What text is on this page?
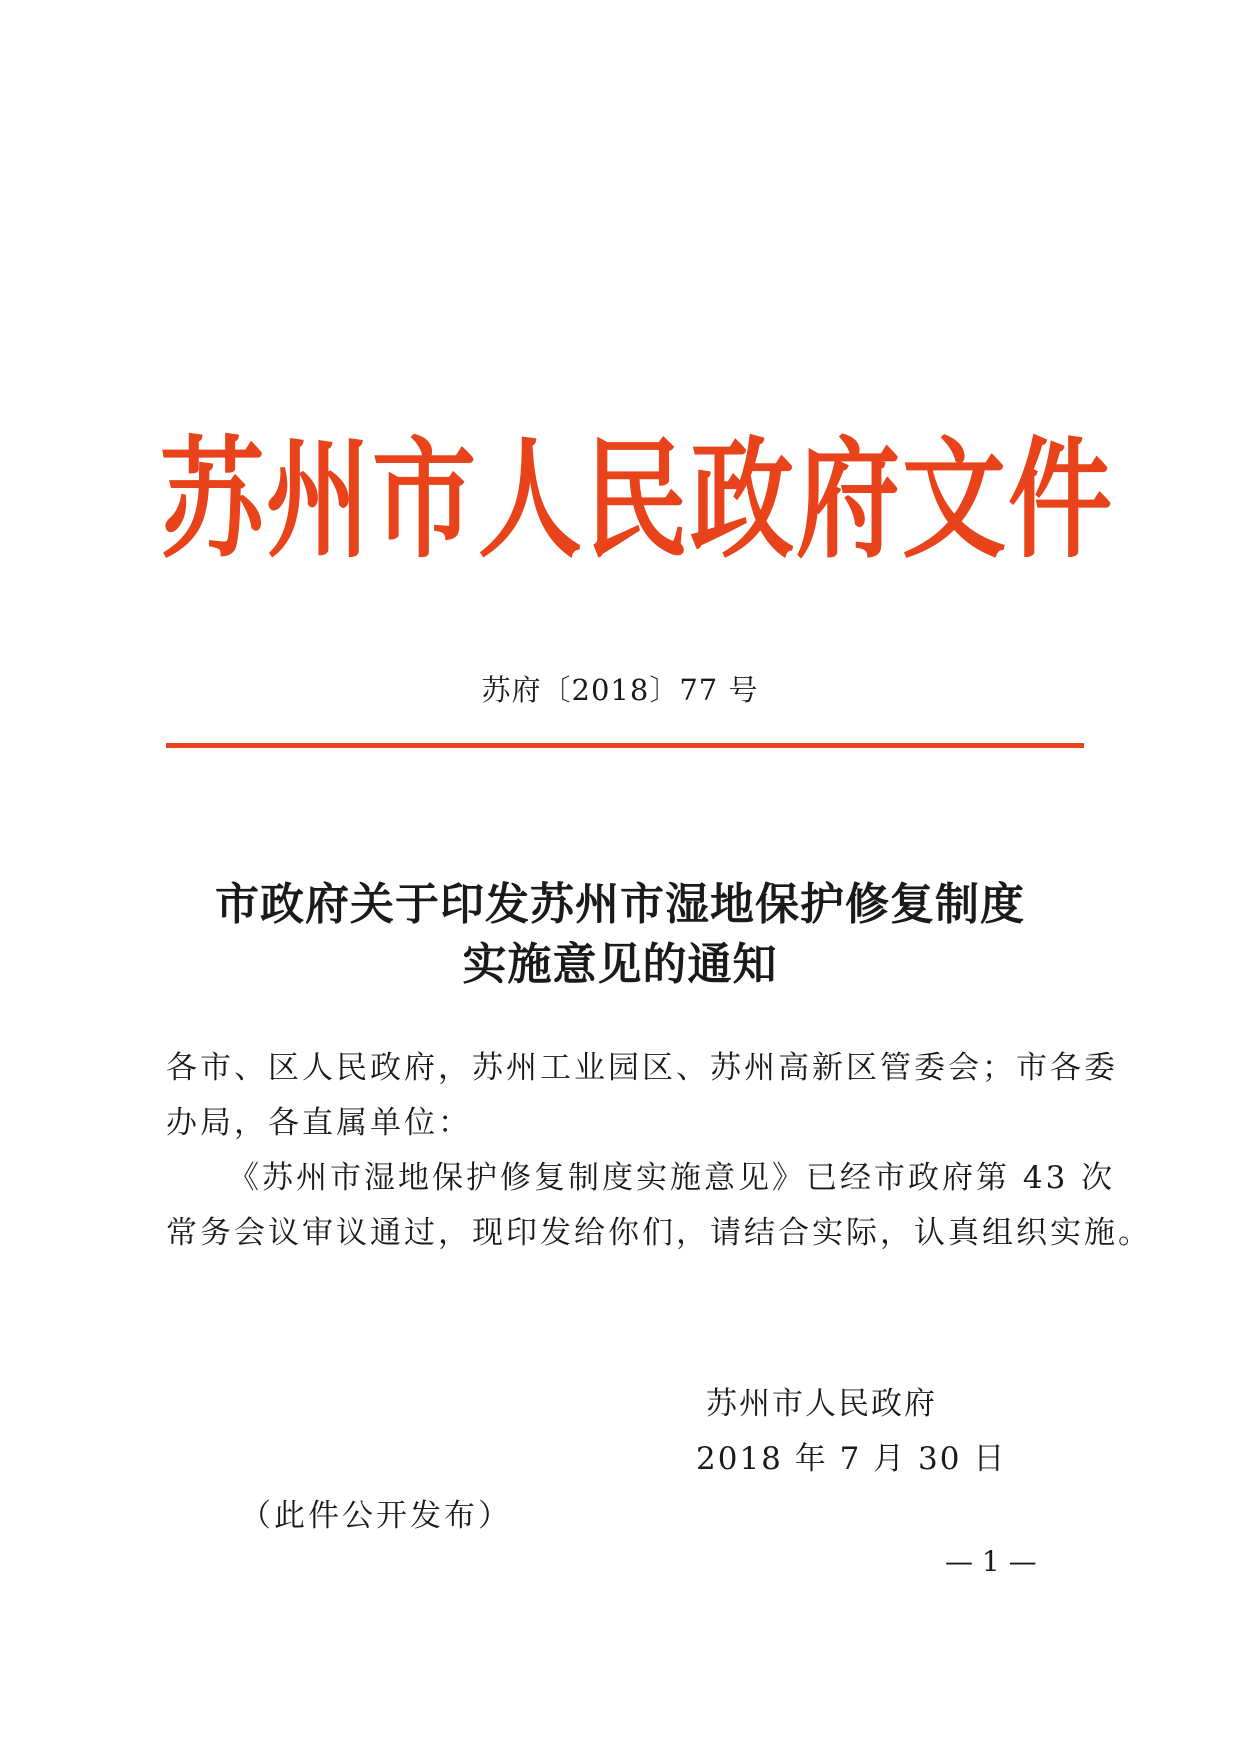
苏州市人民政府文件
苏府〔2018〕77 号
市政府关于印发苏州市湿地保护修复制度
实施意见的通知
各市、区人民政府，苏州工业园区、苏州高新区管委会；市各委
办局，各直属单位：
《苏州市湿地保护修复制度实施意见》已经市政府第 43 次
常务会议审议通过，现印发给你们，请结合实际，认真组织实施。
苏州市人民政府
2018 年 7 月 30 日
（此件公开发布）
— 1 —
